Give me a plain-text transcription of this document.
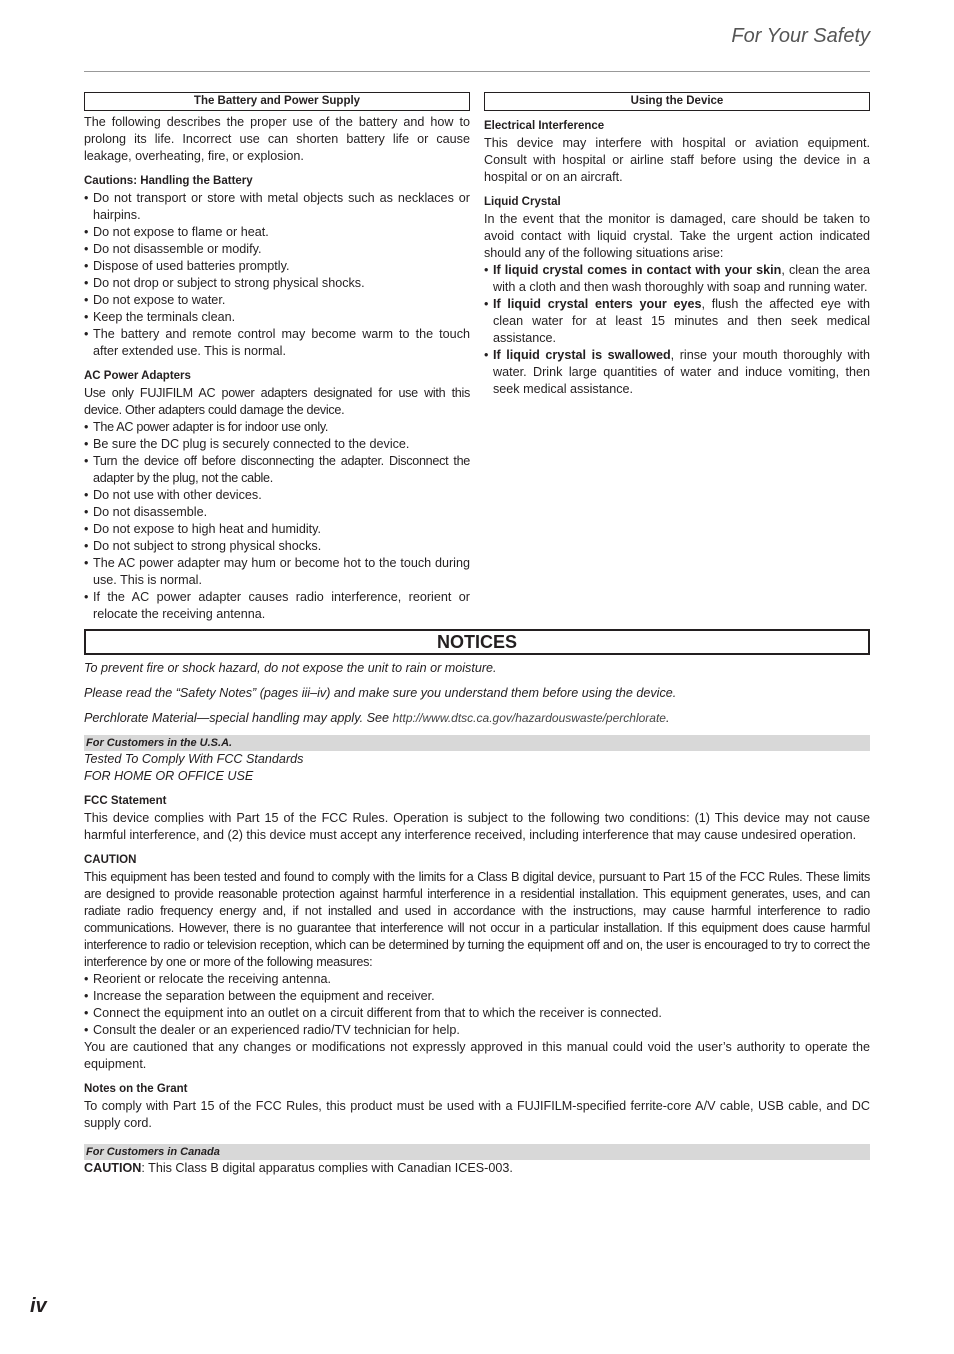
For Your Safety
The Battery and Power Supply

The following describes the proper use of the battery and how to prolong its life. Incorrect use can shorten battery life or cause leakage, overheating, fire, or explosion.

Cautions: Handling the Battery
• Do not transport or store with metal objects such as necklaces or hairpins.
• Do not expose to flame or heat.
• Do not disassemble or modify.
• Dispose of used batteries promptly.
• Do not drop or subject to strong physical shocks.
• Do not expose to water.
• Keep the terminals clean.
• The battery and remote control may become warm to the touch after extended use. This is normal.
AC Power Adapters

Use only FUJIFILM AC power adapters designated for use with this device. Other adapters could damage the device.

• The AC power adapter is for indoor use only.
• Be sure the DC plug is securely connected to the device.
• Turn the device off before disconnecting the adapter. Disconnect the adapter by the plug, not the cable.
• Do not use with other devices.
• Do not disassemble.
• Do not expose to high heat and humidity.
• Do not subject to strong physical shocks.
• The AC power adapter may hum or become hot to the touch during use. This is normal.
• If the AC power adapter causes radio interference, reorient or relocate the receiving antenna.
Using the Device
Electrical Interference

This device may interfere with hospital or aviation equipment. Consult with hospital or airline staff before using the device in a hospital or on an aircraft.

Liquid Crystal

In the event that the monitor is damaged, care should be taken to avoid contact with liquid crystal. Take the urgent action indicated should any of the following situations arise:

• If liquid crystal comes in contact with your skin, clean the area with a cloth and then wash thoroughly with soap and running water.
• If liquid crystal enters your eyes, flush the affected eye with clean water for at least 15 minutes and then seek medical assistance.
• If liquid crystal is swallowed, rinse your mouth thoroughly with water. Drink large quantities of water and induce vomiting, then seek medical assistance.
NOTICES

To prevent fire or shock hazard, do not expose the unit to rain or moisture.

Please read the “Safety Notes” (pages iii–iv) and make sure you understand them before using the device.

Perchlorate Material—special handling may apply. See http://www.dtsc.ca.gov/hazardouswaste/perchlorate.

For Customers in the U.S.A.

Tested To Comply With FCC Standards

FOR HOME OR OFFICE USE

FCC Statement

This device complies with Part 15 of the FCC Rules. Operation is subject to the following two conditions: (1) This device may not cause harmful interference, and (2) this device must accept any interference received, including interference that may cause undesired operation.

CAUTION

This equipment has been tested and found to comply with the limits for a Class B digital device, pursuant to Part 15 of the FCC Rules. These limits are designed to provide reasonable protection against harmful interference in a residential installation. This equipment generates, uses, and can radiate radio frequency energy and, if not installed and used in accordance with the instructions, may cause harmful interference to radio communications. However, there is no guarantee that interference will not occur in a particular installation. If this equipment does cause harmful interference to radio or television reception, which can be determined by turning the equipment off and on, the user is encouraged to try to correct the interference by one or more of the following measures:

• Reorient or relocate the receiving antenna.
• Increase the separation between the equipment and receiver.
• Connect the equipment into an outlet on a circuit different from that to which the receiver is connected.
• Consult the dealer or an experienced radio/TV technician for help.

You are cautioned that any changes or modifications not expressly approved in this manual could void the user’s authority to operate the equipment.

Notes on the Grant

To comply with Part 15 of the FCC Rules, this product must be used with a FUJIFILM-specified ferrite-core A/V cable, USB cable, and DC supply cord.

For Customers in Canada

CAUTION: This Class B digital apparatus complies with Canadian ICES-003.

iv
